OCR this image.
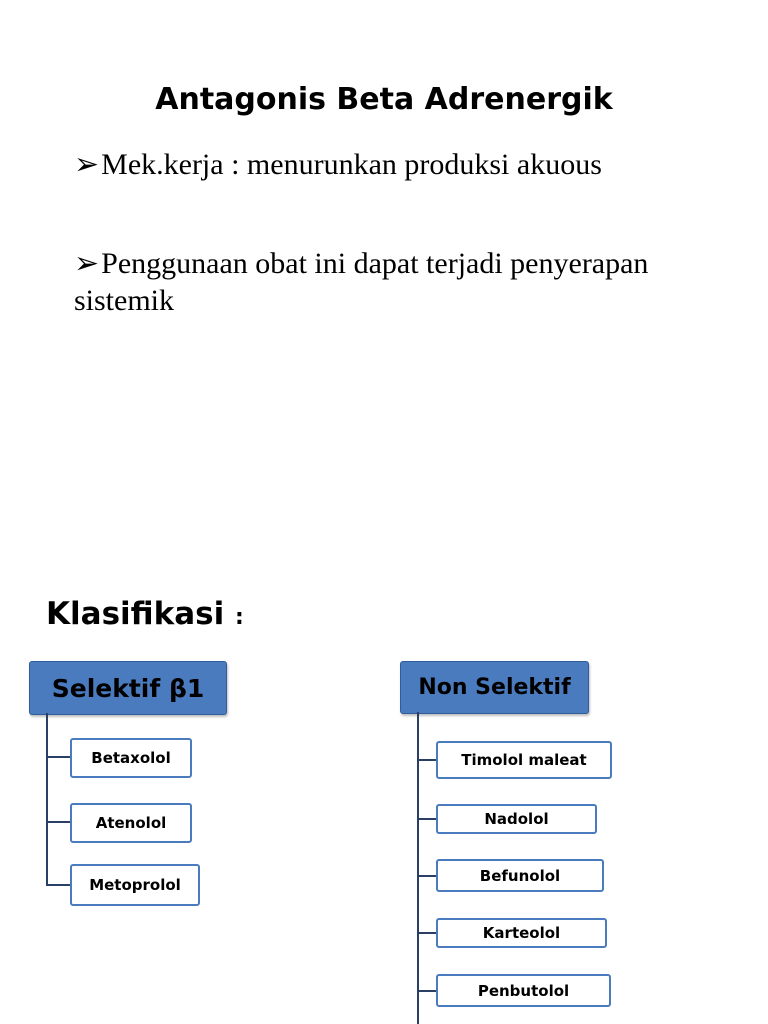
Antagonis Beta Adrenergik
➢Mek.kerja : menurunkan produksi akuous
➢Penggunaan obat ini dapat terjadi penyerapan sistemik
Klasifikasi :
Selektif β1
Betaxolol
Atenolol
Metoprolol
Non Selektif
Timolol maleat
Nadolol
Befunolol
Karteolol
Penbutolol
